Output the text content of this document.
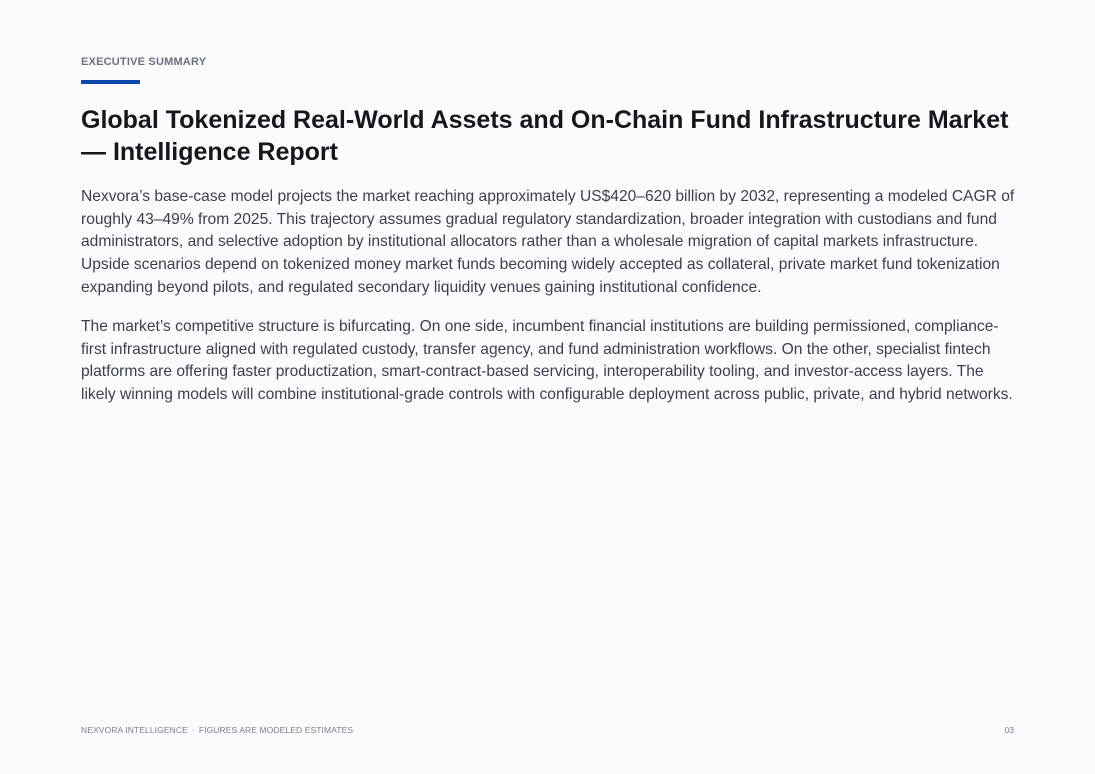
EXECUTIVE SUMMARY
Global Tokenized Real-World Assets and On-Chain Fund Infrastructure Market — Intelligence Report

Nexvora’s base-case model projects the market reaching approximately US$420–620 billion by 2032, representing a modeled CAGR of roughly 43–49% from 2025. This trajectory assumes gradual regulatory standardization, broader integration with custodians and fund administrators, and selective adoption by institutional allocators rather than a wholesale migration of capital markets infrastructure. Upside scenarios depend on tokenized money market funds becoming widely accepted as collateral, private market fund tokenization expanding beyond pilots, and regulated secondary liquidity venues gaining institutional confidence.

The market’s competitive structure is bifurcating. On one side, incumbent financial institutions are building permissioned, compliance-first infrastructure aligned with regulated custody, transfer agency, and fund administration workflows. On the other, specialist fintech platforms are offering faster productization, smart-contract-based servicing, interoperability tooling, and investor-access layers. The likely winning models will combine institutional-grade controls with configurable deployment across public, private, and hybrid networks.

NEXVORA INTELLIGENCE · FIGURES ARE MODELED ESTIMATES	03
